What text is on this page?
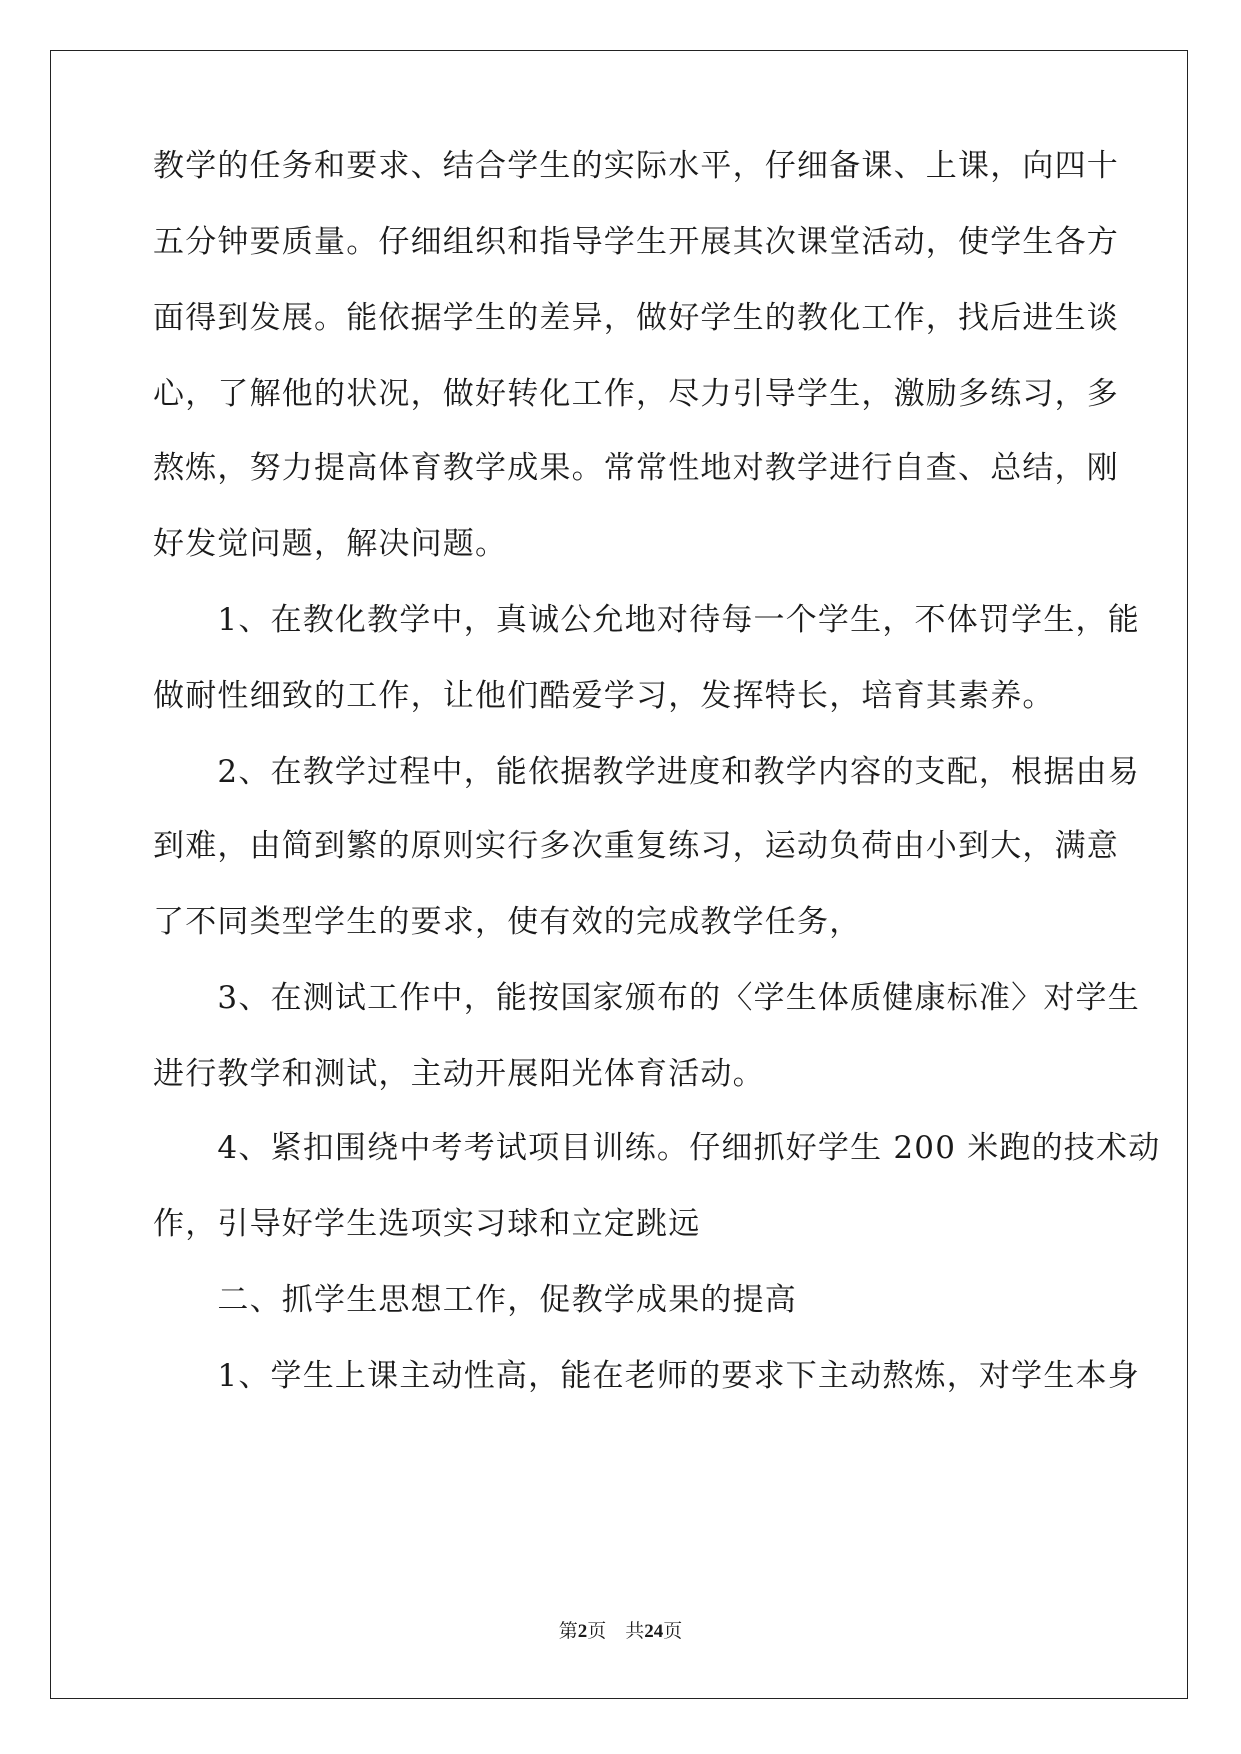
教学的任务和要求、结合学生的实际水平，仔细备课、上课，向四十
五分钟要质量。仔细组织和指导学生开展其次课堂活动，使学生各方
面得到发展。能依据学生的差异，做好学生的教化工作，找后进生谈
心，了解他的状况，做好转化工作，尽力引导学生，激励多练习，多
熬炼，努力提高体育教学成果。常常性地对教学进行自查、总结，刚
好发觉问题，解决问题。
　　1、在教化教学中，真诚公允地对待每一个学生，不体罚学生，能
做耐性细致的工作，让他们酷爱学习，发挥特长，培育其素养。
　　2、在教学过程中，能依据教学进度和教学内容的支配，根据由易
到难，由简到繁的原则实行多次重复练习，运动负荷由小到大，满意
了不同类型学生的要求，使有效的完成教学任务，
　　3、在测试工作中，能按国家颁布的〈学生体质健康标准〉对学生
进行教学和测试，主动开展阳光体育活动。
　　4、紧扣围绕中考考试项目训练。仔细抓好学生 200 米跑的技术动
作，引导好学生选项实习球和立定跳远
　　二、抓学生思想工作，促教学成果的提高
　　1、学生上课主动性高，能在老师的要求下主动熬炼，对学生本身
第2页 共24页
